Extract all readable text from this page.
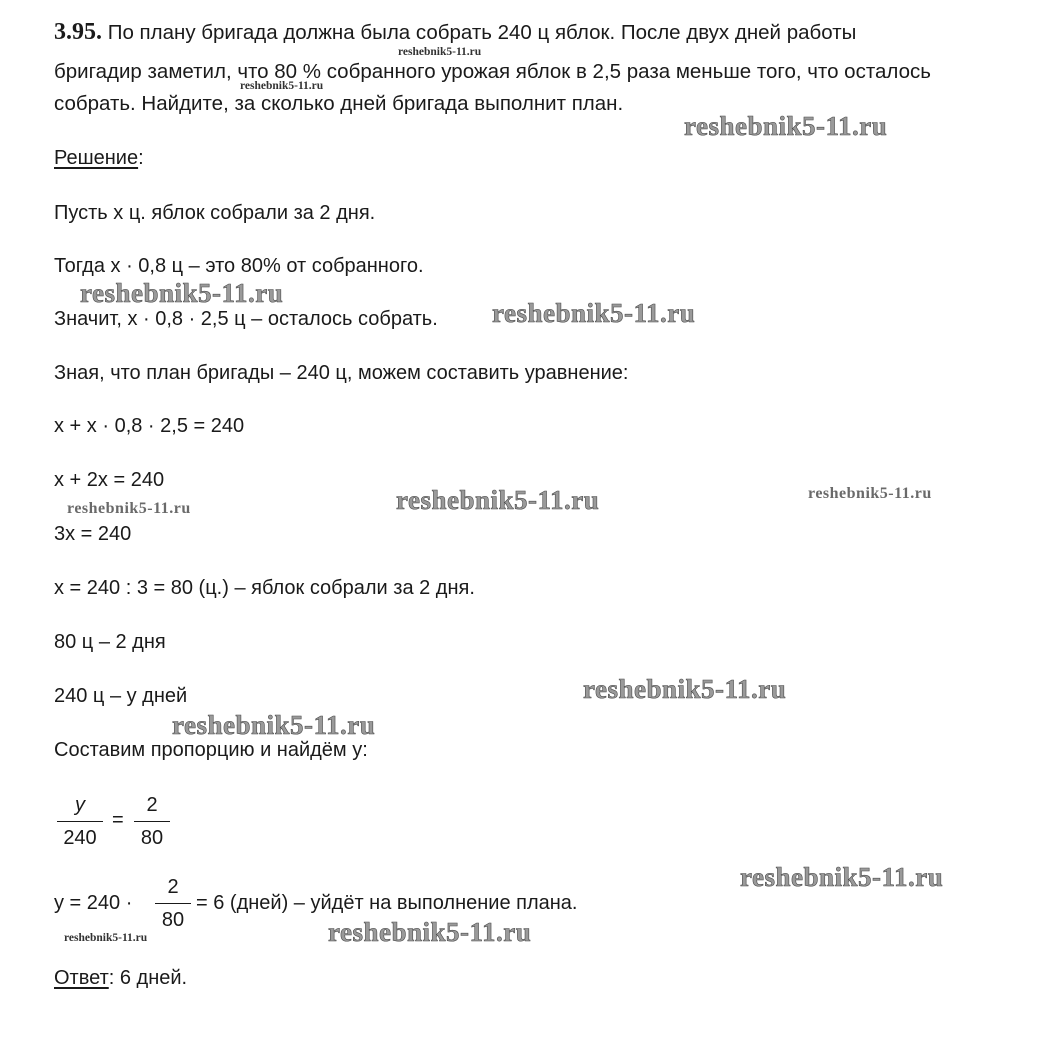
3.95. По плану бригада должна была собрать 240 ц яблок. После двух дней работы
бригадир заметил, что 80 % собранного урожая яблок в 2,5 раза меньше того, что осталось
собрать. Найдите, за сколько дней бригада выполнит план.
Решение:
Пусть x ц. яблок собрали за 2 дня.
Тогда x · 0,8 ц – это 80% от собранного.
Значит, x · 0,8 · 2,5 ц – осталось собрать.
Зная, что план бригады – 240 ц, можем составить уравнение:
x + x · 0,8 · 2,5 = 240
x + 2x = 240
3x = 240
x = 240 : 3 = 80 (ц.) – яблок собрали за 2 дня.
80 ц – 2 дня
240 ц – y дней
Составим пропорцию и найдём y:
y
240
=
2
80
y = 240 ·
2
80
= 6 (дней) – уйдёт на выполнение плана.
Ответ: 6 дней.
reshebnik5-11.ru
reshebnik5-11.ru
reshebnik5-11.ru
reshebnik5-11.ru
reshebnik5-11.ru
reshebnik5-11.ru	reshebnik5-11.ru
reshebnik5-11.ru
reshebnik5-11.ru
reshebnik5-11.ru
reshebnik5-11.ru
reshebnik5-11.ru
reshebnik5-11.ru
